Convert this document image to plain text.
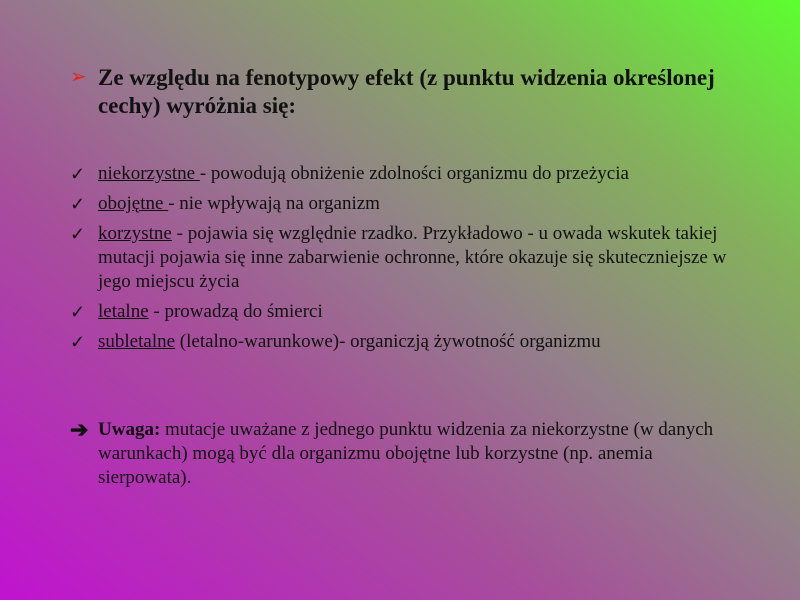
➢ Ze względu na fenotypowy efekt (z punktu widzenia określonej cechy) wyróżnia się:
✓ niekorzystne - powodują obniżenie zdolności organizmu do przeżycia
✓ obojętne - nie wpływają na organizm
✓ korzystne - pojawia się względnie rzadko. Przykładowo - u owada wskutek takiej mutacji pojawia się inne zabarwienie ochronne, które okazuje się skuteczniejsze w jego miejscu życia
✓ letalne - prowadzą do śmierci
✓ subletalne (letalno-warunkowe)- organiczją żywotność organizmu
➔ Uwaga: mutacje uważane z jednego punktu widzenia za niekorzystne (w danych warunkach) mogą być dla organizmu obojętne lub korzystne (np. anemia sierpowata).
